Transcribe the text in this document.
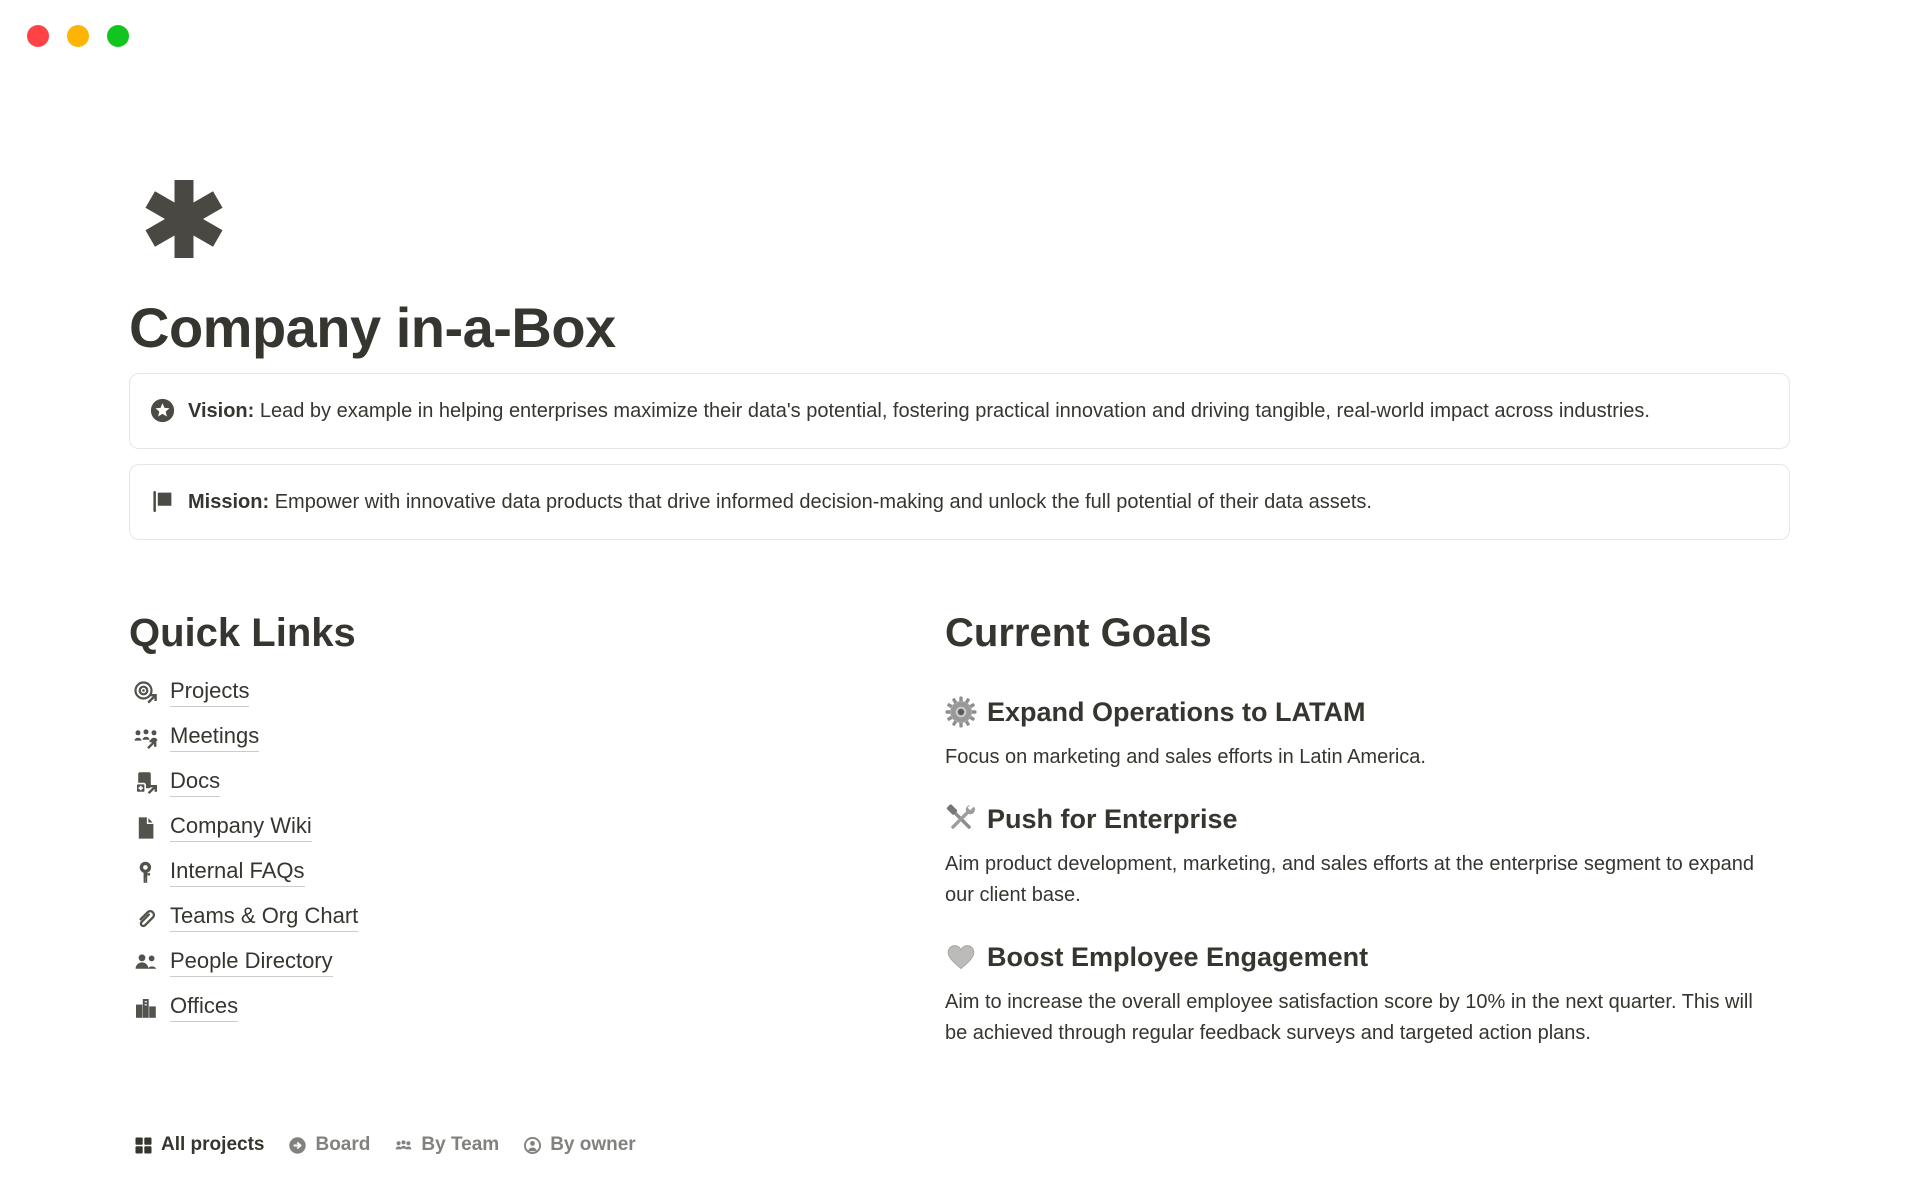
Company in-a-Box

Vision: Lead by example in helping enterprises maximize their data's potential, fostering practical innovation and driving tangible, real-world impact across industries.

Mission: Empower with innovative data products that drive informed decision-making and unlock the full potential of their data assets.

Quick Links
Projects
Meetings
Docs
Company Wiki
Internal FAQs
Teams & Org Chart
People Directory
Offices
Current Goals
Expand Operations to LATAM

Focus on marketing and sales efforts in Latin America.

Push for Enterprise

Aim product development, marketing, and sales efforts at the enterprise segment to expand our client base.

Boost Employee Engagement

Aim to increase the overall employee satisfaction score by 10% in the next quarter. This will be achieved through regular feedback surveys and targeted action plans.

All projects	Board	By Team	By owner
